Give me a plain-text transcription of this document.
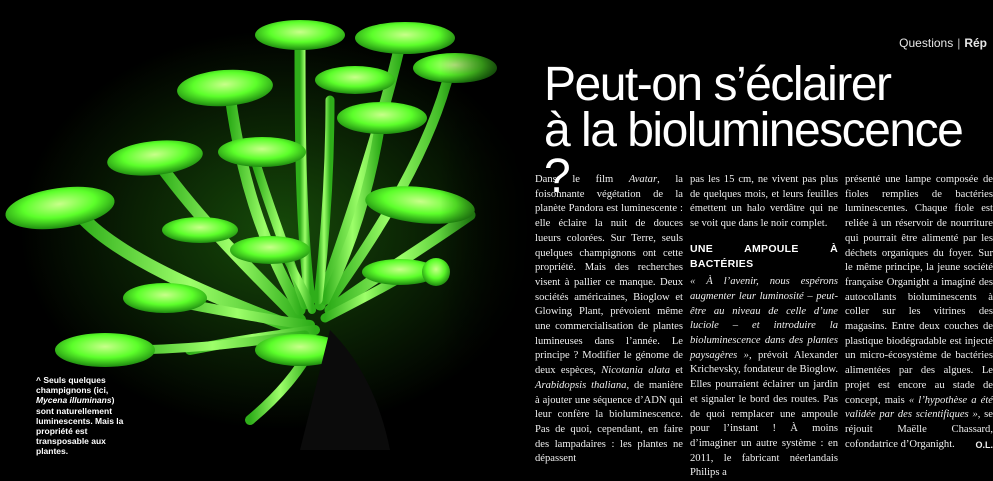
^ Seuls quelques champignons (ici, Mycena illuminans) sont naturellement luminescents. Mais la propriété est transposable aux plantes.
Questions | Rép
Peut-on s’éclairer
à la bioluminescence ?

Dans le film Avatar, la foisonnante végétation de la planète Pandora est luminescente : elle éclaire la nuit de douces lueurs colorées. Sur Terre, seuls quelques champignons ont cette propriété. Mais des recherches visent à pallier ce manque. Deux sociétés américaines, Bioglow et Glowing Plant, prévoient même une commercialisation de plantes lumineuses dans l’année. Le principe ? Modifier le génome de deux espèces, Nicotania alata et Arabidopsis thaliana, de manière à ajouter une séquence d’ADN qui leur confère la bioluminescence. Pas de quoi, cependant, en faire des lampadaires : les plantes ne dépassent

pas les 15 cm, ne vivent pas plus de quelques mois, et leurs feuilles émettent un halo verdâtre qui ne se voit que dans le noir complet.

UNE AMPOULE À BACTÉRIES

« À l’avenir, nous espérons augmenter leur luminosité – peut-être au niveau de celle d’une luciole – et introduire la bioluminescence dans des plantes paysagères », prévoit Alexander Krichevsky, fondateur de Bioglow. Elles pourraient éclairer un jardin et signaler le bord des routes. Pas de quoi remplacer une ampoule pour l’instant ! À moins d’imaginer un autre système : en 2011, le fabricant néerlandais Philips a

présenté une lampe composée de fioles remplies de bactéries luminescentes. Chaque fiole est reliée à un réservoir de nourriture qui pourrait être alimenté par les déchets organiques du foyer. Sur le même principe, la jeune société française Organight a imaginé des autocollants bioluminescents à coller sur les vitrines des magasins. Entre deux couches de plastique biodégradable est injecté un micro-écosystème de bactéries alimentées par des algues. Le projet est encore au stade de concept, mais « l’hypothèse a été validée par des scientifiques », se réjouit Maëlle Chassard, cofondatrice d’Organight. O.L.
